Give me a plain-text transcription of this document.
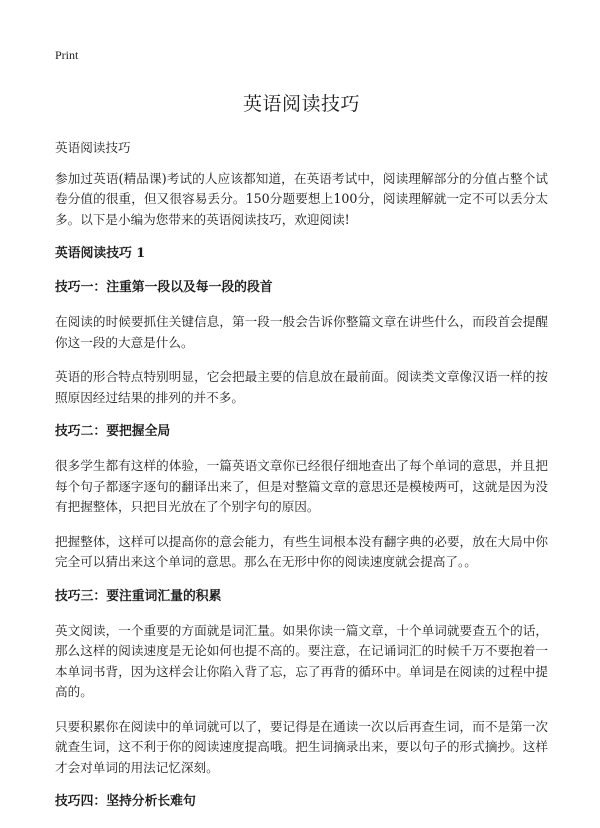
Print
英语阅读技巧

英语阅读技巧

参加过英语(精品课)考试的人应该都知道，在英语考试中，阅读理解部分的分值占整个试卷分值的很重，但又很容易丢分。150分题要想上100分，阅读理解就一定不可以丢分太多。以下是小编为您带来的英语阅读技巧，欢迎阅读!

英语阅读技巧 1
技巧一：注重第一段以及每一段的段首

在阅读的时候要抓住关键信息，第一段一般会告诉你整篇文章在讲些什么，而段首会提醒你这一段的大意是什么。

英语的形合特点特别明显，它会把最主要的信息放在最前面。阅读类文章像汉语一样的按照原因经过结果的排列的并不多。

技巧二：要把握全局

很多学生都有这样的体验，一篇英语文章你已经很仔细地查出了每个单词的意思，并且把每个句子都逐字逐句的翻译出来了，但是对整篇文章的意思还是模棱两可，这就是因为没有把握整体，只把目光放在了个别字句的原因。

把握整体，这样可以提高你的意会能力，有些生词根本没有翻字典的必要，放在大局中你完全可以猜出来这个单词的意思。那么在无形中你的阅读速度就会提高了。。

技巧三：要注重词汇量的积累

英文阅读，一个重要的方面就是词汇量。如果你读一篇文章，十个单词就要查五个的话，那么这样的阅读速度是无论如何也提不高的。要注意，在记诵词汇的时候千万不要抱着一本单词书背，因为这样会让你陷入背了忘，忘了再背的循环中。单词是在阅读的过程中提高的。

只要积累你在阅读中的单词就可以了，要记得是在通读一次以后再查生词，而不是第一次就查生词，这不利于你的阅读速度提高哦。把生词摘录出来，要以句子的形式摘抄。这样才会对单词的用法记忆深刻。

技巧四：坚持分析长难句
